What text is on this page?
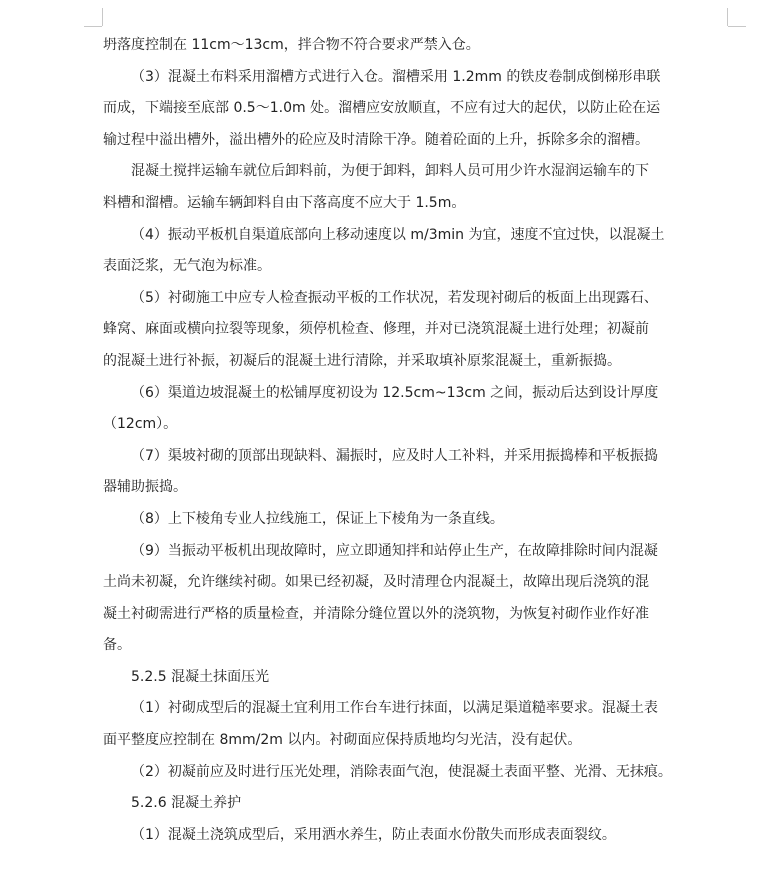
坍落度控制在 11cm～13cm，拌合物不符合要求严禁入仓。
（3）混凝土布料采用溜槽方式进行入仓。溜槽采用 1.2mm 的铁皮卷制成倒梯形串联
而成，下端接至底部 0.5～1.0m 处。溜槽应安放顺直，不应有过大的起伏，以防止砼在运
输过程中溢出槽外，溢出槽外的砼应及时清除干净。随着砼面的上升，拆除多余的溜槽。
混凝土搅拌运输车就位后卸料前，为便于卸料，卸料人员可用少许水湿润运输车的下
料槽和溜槽。运输车辆卸料自由下落高度不应大于 1.5m。
（4）振动平板机自渠道底部向上移动速度以 m/3min 为宜，速度不宜过快，以混凝土
表面泛浆，无气泡为标准。
（5）衬砌施工中应专人检查振动平板的工作状况，若发现衬砌后的板面上出现露石、
蜂窝、麻面或横向拉裂等现象，须停机检查、修理，并对已浇筑混凝土进行处理；初凝前
的混凝土进行补振，初凝后的混凝土进行清除，并采取填补原浆混凝土，重新振捣。
（6）渠道边坡混凝土的松铺厚度初设为 12.5cm~13cm 之间，振动后达到设计厚度
（12cm）。
（7）渠坡衬砌的顶部出现缺料、漏振时，应及时人工补料，并采用振捣棒和平板振捣
器辅助振捣。
（8）上下棱角专业人拉线施工，保证上下棱角为一条直线。
（9）当振动平板机出现故障时，应立即通知拌和站停止生产，在故障排除时间内混凝
土尚未初凝，允许继续衬砌。如果已经初凝，及时清理仓内混凝土，故障出现后浇筑的混
凝土衬砌需进行严格的质量检查，并清除分缝位置以外的浇筑物，为恢复衬砌作业作好准
备。
5.2.5 混凝土抹面压光
（1）衬砌成型后的混凝土宜利用工作台车进行抹面，以满足渠道糙率要求。混凝土表
面平整度应控制在 8mm/2m 以内。衬砌面应保持质地均匀光洁，没有起伏。
（2）初凝前应及时进行压光处理，消除表面气泡，使混凝土表面平整、光滑、无抹痕。
5.2.6 混凝土养护
（1）混凝土浇筑成型后，采用洒水养生，防止表面水份散失而形成表面裂纹。
